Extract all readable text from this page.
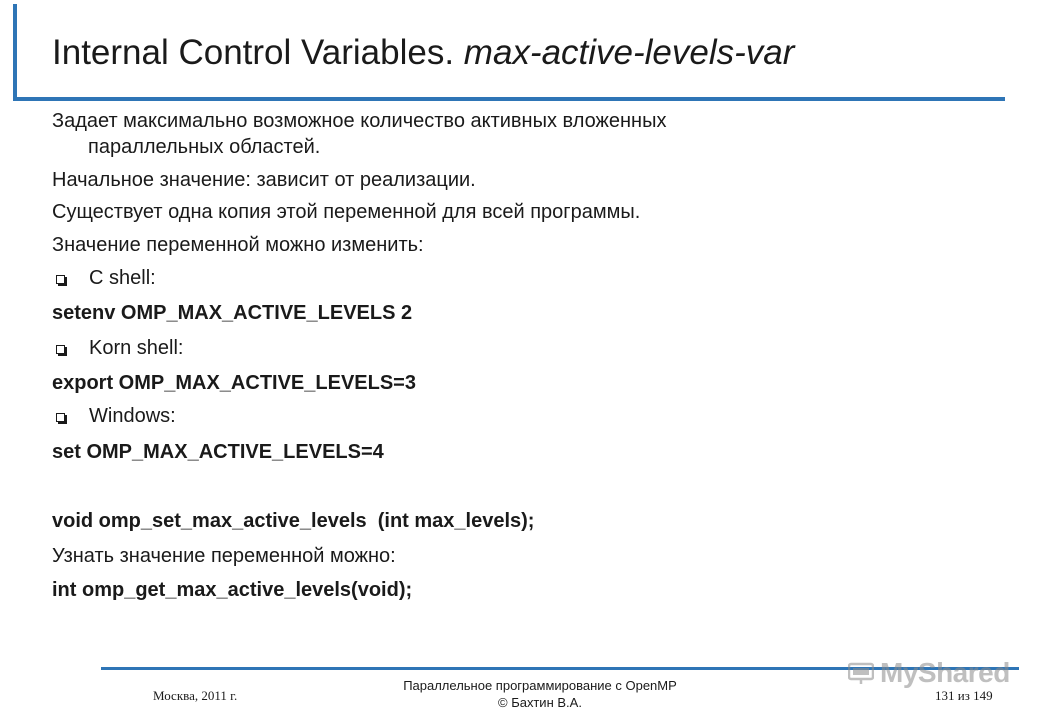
Internal Control Variables. max-active-levels-var
Задает максимально возможное количество активных вложенных
параллельных областей.
Начальное значение: зависит от реализации.
Существует одна копия этой переменной для всей программы.
Значение переменной можно изменить:
C shell:
setenv OMP_MAX_ACTIVE_LEVELS 2
Korn shell:
export OMP_MAX_ACTIVE_LEVELS=3
Windows:
set OMP_MAX_ACTIVE_LEVELS=4
void omp_set_max_active_levels  (int max_levels);
Узнать значение переменной можно:
int omp_get_max_active_levels(void);
Москва, 2011 г.
Параллельное программирование с OpenMP
© Бахтин В.А.	131 из 149
MyShared
